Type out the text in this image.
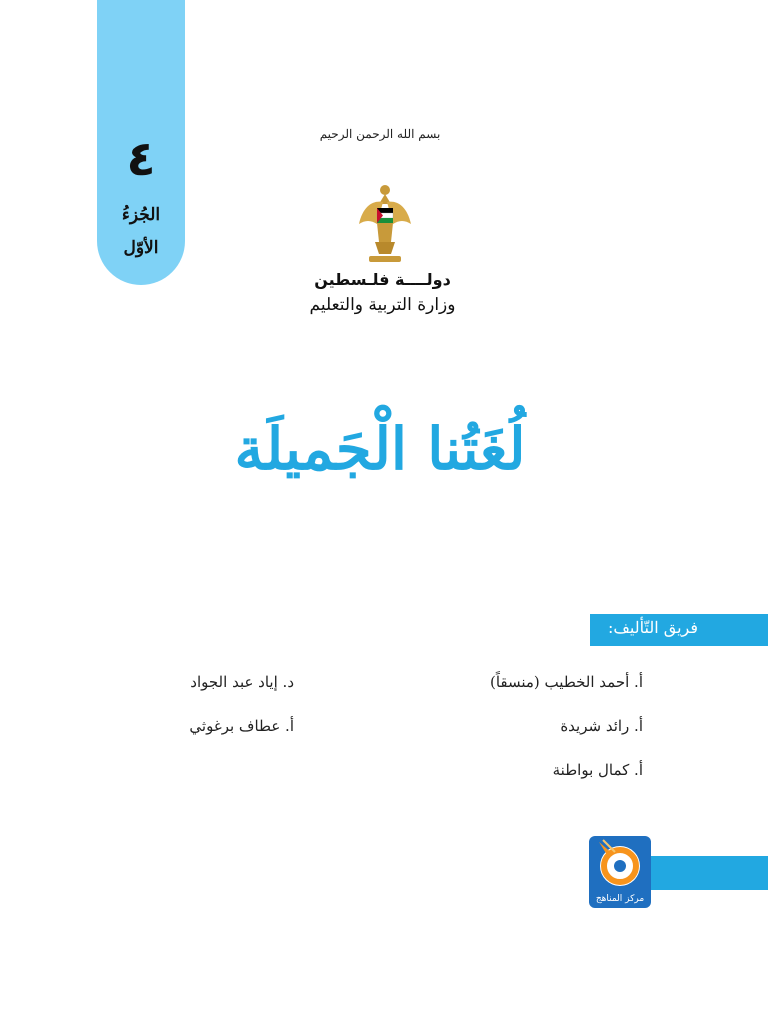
٤
الجُزءُ
الأوّل
بسم الله الرحمن الرحيم
دولــــة فلـسطين
وزارة التربية والتعليم
لُغَتُنا الْجَميلَة
فريق التّأليف:
أ. أحمد الخطيب (منسقاً)
أ. رائد شريدة
أ. كمال بواطنة
د. إياد عبد الجواد
أ. عطاف برغوثي
مركز المناهج
